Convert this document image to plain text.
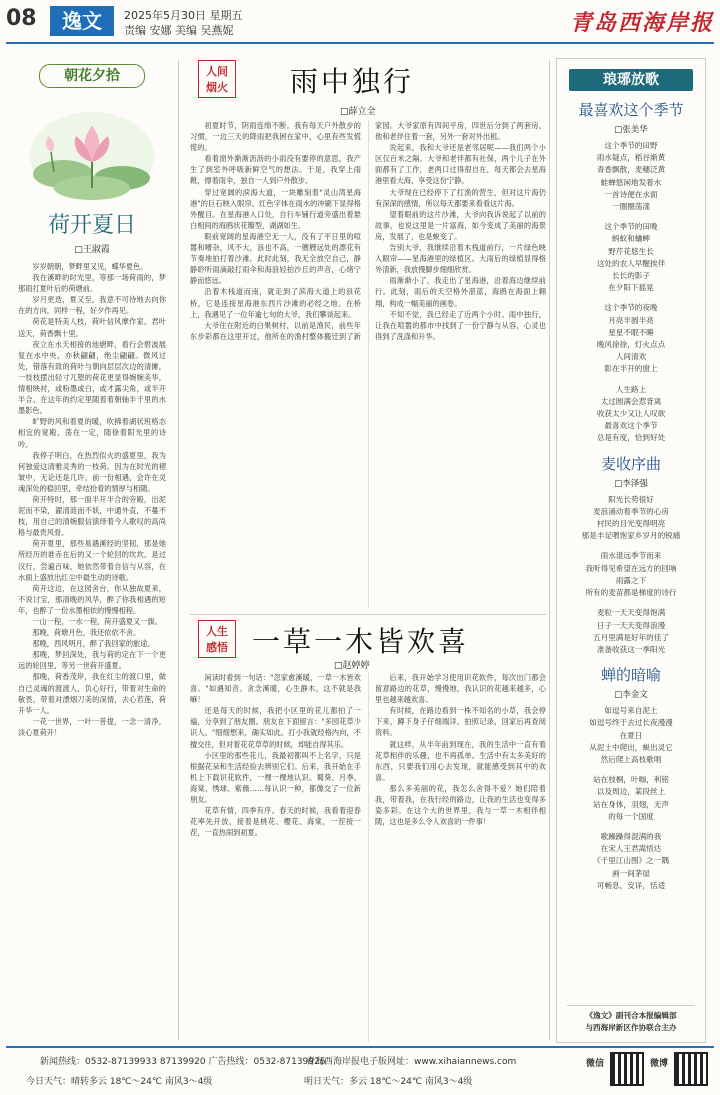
08	逸文	2025年5月30日 星期五
责编 安娜 美编 吴燕妮	青岛西海岸报
朝花夕拾
荷开夏日
□王淑霞

岁岁朝朝，梦畔里又见，蝶华夏色。

我在溪畔的时光里，等那一场荷雨的，梦那雨打夏叶后的荷塘前。

岁月更迭，夏又至，我意不可待地去向你在的方向，同样一程，好夕作再见。

荷花是特美人枝，荷叶信风摩作家。君叶送天，荷香飘十里。

夜立在水天相接的池塘畔，看行会碧波展复在水中央，亦秋翩翩，绝尘翩翩。微风过处，错落有致的荷叶与朝向层层次边的清摊，一枝枝摆出轻寸兀堕的荷花更显得婉婉美华，情相映衬，或粉墨或白，或才露尖角，或半开半合，在这年的约定里随着着朝轴半千里的水墨影色。

旷野的风和着夏的暖，吹拂着湖状班格态相宜的宽殿，荡在一定，随徐着阳光里的诗吟。

我停子明白，在热烈似火的盛夏里，我为何独爱这清雅灵秀的一枝荷。因为在时光的褶皱中，无论还是几许，前一份相遇，会许在灵魂深处的稳回里，牵结拾看的情厚与相随。

荷开特时，那一面半开半合的旁殿，出泥泥而不染，濯清涟而不妖，中通外直，不蔓不枝，用自己的清婉服信演绎着今人歌叹的高尚格与最贵风骨。

荷开夏里，那些易遇溪经的坚韧，那是她所经历的谁赤在后的又一个轮回的坎坎。是过汉行，尝遍百味，她依然带着自信与从容，在水面上盛放出红尘中最生动的诗歌。

荷开这边，在这园舍台，你从独故夏来，不说讨宝，那清晚的风华，醉了你我相遇的短年，也醉了一份水墨相依的慢慢相程。

一山一程，一水一程，荷开盛夏又一旗。

那晚，荷塘月色，我还依依不舍。

那晚，西风明月，醉了我回家的旅途。

那晚，梦回深处，我与荷的定在下一个更远的轮回里，等另一世荷开盛夏。

那晚，荷香茂岸，我在红尘的渡口里，做自已灵魂的渡渡人，负心好行，带着对生命的敬畏，带着对漂烟刀美的深情，去心若莲，荷开华一人。

一花一世界，一叶一菩提，一念一清净，淡心夏荷开！

人间烟火 雨中独行
□薛立全

初夏时节，阴雨连绵不断。我有每天户外散步的习惯，一边三天的降雨把我困在家中，心里有些发慌慌的。

看着窗外渐渐沥沥的小雨没有要停的意思，我产生了到室外呼吸新鲜空气的想法。于是，我穿上雨靴，撑着雨伞，独自一人到户外散步。

穿过宽阔的滨海大道，一块雕刻着"灵山湾星海港"的巨石映入眼帘，红色字体在雨水的冲刷下显得格外醒目。在星海港入口处，自行车铺行道旁盛出着悬白相间的海鸥状花瓣型，湖湖如生。

眼前宽阔的星海港空无一人，没有了平日里的喧嚣和嘈杂，风不大，浪也不高，一艘艘远处的漂花有节奏地拍打着沙滩。此时此刻，我无全放空自己，静静聆听雨滴敲打雨伞和海浪轻拍沙丘的声音，心绪宁静而悠远。

沿着木栈道而南，就走到了滨海大道上的浪花桥，它是连接星海港东西片沙滩的必经之地。在桥上，我遇见了一位年逾七旬的大爷，我们攀谈起来。

大爷住在附近的白果树村，以前是渔民，前些年东步彩都在这里开过，他所在的渔村整体搬迁到了新家园。大爷家原有四间平房，四世后分到了两套房，他和老伴住着一套，另外一套对外出租。

说起来，我和大爷还是老邻居呢——我们两个小区仅百米之隔。大爷和老伴都有社保，两个儿子在外面都有了工作，老两口过得很自在，每天都会去星海港里看大海，享受这份宁静。

大爷现在已经停下了打渔的营生，但对这片海仍有深深的感情，所以每天都要来看看这片海。

望着眼前的这片沙滩，大爷向我诉说起了以前的故事，也说这里是一片富海，如今变成了美丽的海景房，发展了，也是蜕变了。

告别大爷，我继续沿着木栈道前行，一片绿色映入眼帘——星海港里的绿植区。大雨后的绿植显得格外清新，我放慢脚步细细欣赏。

雨渐渐小了，我走出了星海港，沿着海边继续前行。此刻，雨后的天空格外湛蓝，海鸥在海面上翱翔，构成一幅美丽的画卷。

不知不觉，我已经走了近两个小时。雨中独行，让我在喧嚣的都市中找到了一份宁静与从容，心灵也得到了洗涤和升华。

人生感悟 一草一木皆欢喜
□赵婷婷

闲读时看到一句话："忽家愈溪暖，一草一木皆欢喜。"如遇知音。贪念溪暖，心生静木，这不就是我嘛！

还是每天的时候，我把小区里的花儿都拍了一遍，分享到了朋友圈。朋友在下面留言："多园花草少识人。"细细想来，确实如此。打小我就经格内向，不擅交往，但对着花花草草的时候，却能自得其乐。

小区里的那些花儿，我最初都叫不上名字，只是根据花朵和生活经验去辨别它们。后来，我开始在手机上下载识花软件，一棵一棵地认识。蜀葵、月季、海棠、绣球、紫薇……每认识一种，都像交了一位新朋友。

花草有情，四季有序。春天的时候，我看着迎春花率先开放，接着是桃花、樱花、海棠，一茬接一茬，一直热闹到初夏。

后来，我开始学习使用识花软件，每次出门都会留意路边的花草，慢慢地，我认识的花越来越多，心里也越来越欢喜。

有时候，在路边看到一株不知名的小草，我会停下来，蹲下身子仔细端详，拍照记录，回家后再查阅资料。

就这样，从半年前到现在，我的生活中一直有着花草相伴的乐趣，也不再孤单。生活中有太多美好的东西，只要我们用心去发现，就能感受到其中的欢喜。

那么多美丽的花，我怎么舍得不爱？她们陪着我，带着我，在我行经的路边，让我的生活也变得多姿多彩。在这个大的世界里，我与一草一木相伴相随，这也是多么令人欢喜的一件事！

琅琊放歌
最喜欢这个季节
□张美华
这个季节的田野
雨水疑点，稻谷渐黄
青香飘散，麦穗泛黄
蛙蝉悠闲地发着水
一首诗便在水面
一圈圈荡漾
这个季节的田晚
蚂蚁和蛐蟀
野芹花悠生长
这处的农人早醒挨伴
长长的影子
在夕阳下摇晃
这个季节的夜晚
月亮半圆半亮
星星不眠不睡
晚风徐徐，灯火点点
人间清欢
影在半开的窗上
人生路上
太过圆满会惹背离
收获太少又让人叹欲
最喜欢这个季节
总是有度，恰到好处
麦收序曲
□李泽强
阳光长势很好
麦浪涌动着季节的心房
村民的目光变得明亮
那是丰足喂饱家乡岁月的锐痛
雨水退远季节而来
我听得见希望在远方的回响
雨露之下
所有的麦苗都是梯度的诗行
麦粒一天天变得饱满
日子一天天变得浪漫
五月里满是好年的佳了
准备收获这一季阳光
蝉的暗喻
□李金文
如逗号来自泥土
如逗号终于去过长夜漫漫
在夏日
从泥土中爬出，蜕出灵它
然后爬上高枝歌唱
站在枝桐，叶咖，利铭
以及周边，某段丝上
站在身体，羽翅，无声
的每一个国度
歌躁躁得混满的我
在宋人王君嵩悟达
《千里江山图》之一隅
画一间茅屋
可畅息，安详，恬适
《逸文》副刊合本报编辑部
与西海岸新区作协联合主办
新闻热线：0532-87139933 87139920 广告热线：0532-87139926
青岛西海岸报电子版网址：www.xihaiannews.com
今日天气：晴转多云 18℃～24℃ 南风3～4级	明日天气：多云 18℃～24℃ 南风3～4级
微信	微博
